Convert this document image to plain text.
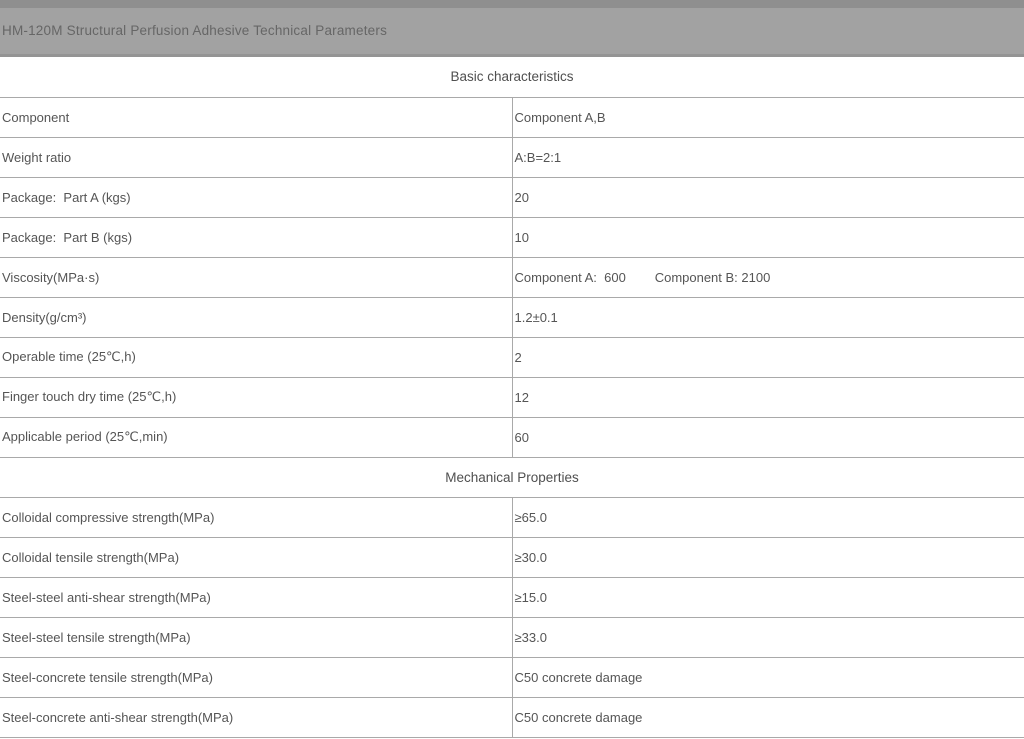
HM-120M Structural Perfusion Adhesive Technical Parameters
Basic characteristics	
Component	Component A,B
Weight ratio	A:B=2:1
Package:  Part A (kgs)	20
Package:  Part B (kgs)	10
Viscosity(MPa·s)	Component A:  600        Component B: 2100
Density(g/cm³)	1.2±0.1
Operable time (25℃,h)	2
Finger touch dry time (25℃,h)	12
Applicable period (25℃,min)	60
Mechanical Properties	
Colloidal compressive strength(MPa)	≥65.0
Colloidal tensile strength(MPa)	≥30.0
Steel-steel anti-shear strength(MPa)	≥15.0
Steel-steel tensile strength(MPa)	≥33.0
Steel-concrete tensile strength(MPa)	C50 concrete damage
Steel-concrete anti-shear strength(MPa)	C50 concrete damage
